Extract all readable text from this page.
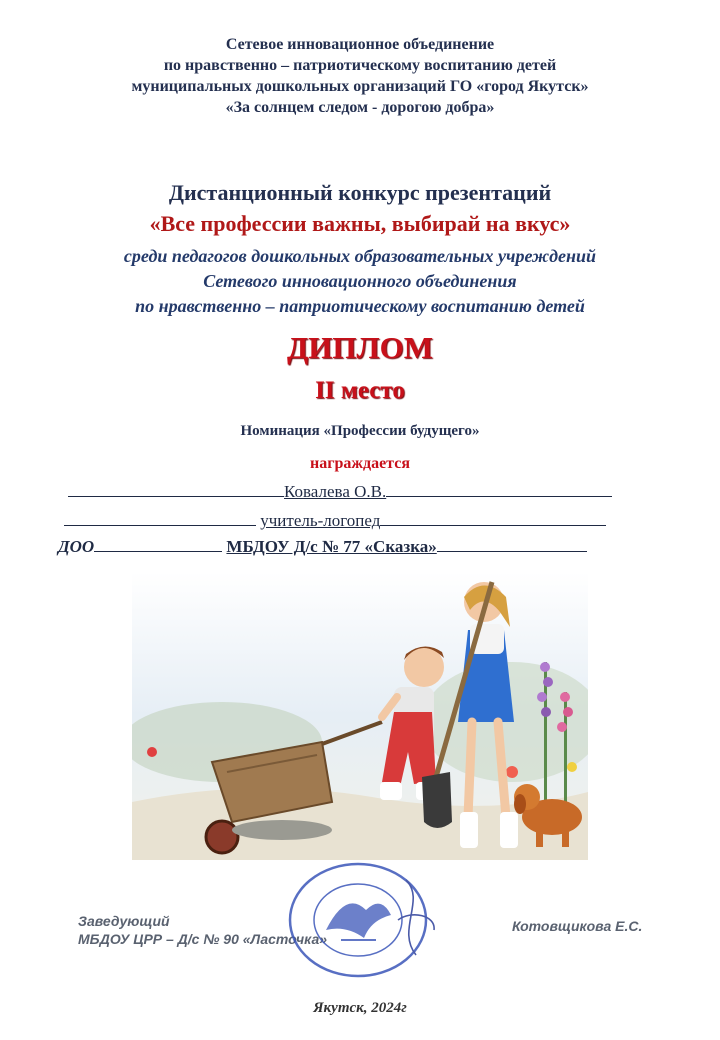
Сетевое инновационное объединение
по нравственно – патриотическому воспитанию детей
муниципальных дошкольных организаций ГО «город Якутск»
«За солнцем следом - дорогою добра»
Дистанционный конкурс презентаций
«Все профессии важны, выбирай на вкус»
среди педагогов дошкольных образовательных учреждений
Сетевого инновационного объединения
по нравственно – патриотическому воспитанию детей
ДИПЛОМ
II место
Номинация «Профессии будущего»
награждается
Ковалева О.В.
учитель-логопед
ДОО	МБДОУ Д/с № 77 «Сказка»
Заведующий
МБДОУ ЦРР – Д/с № 90 «Ласточка»
Котовщикова Е.С.
Якутск, 2024г
